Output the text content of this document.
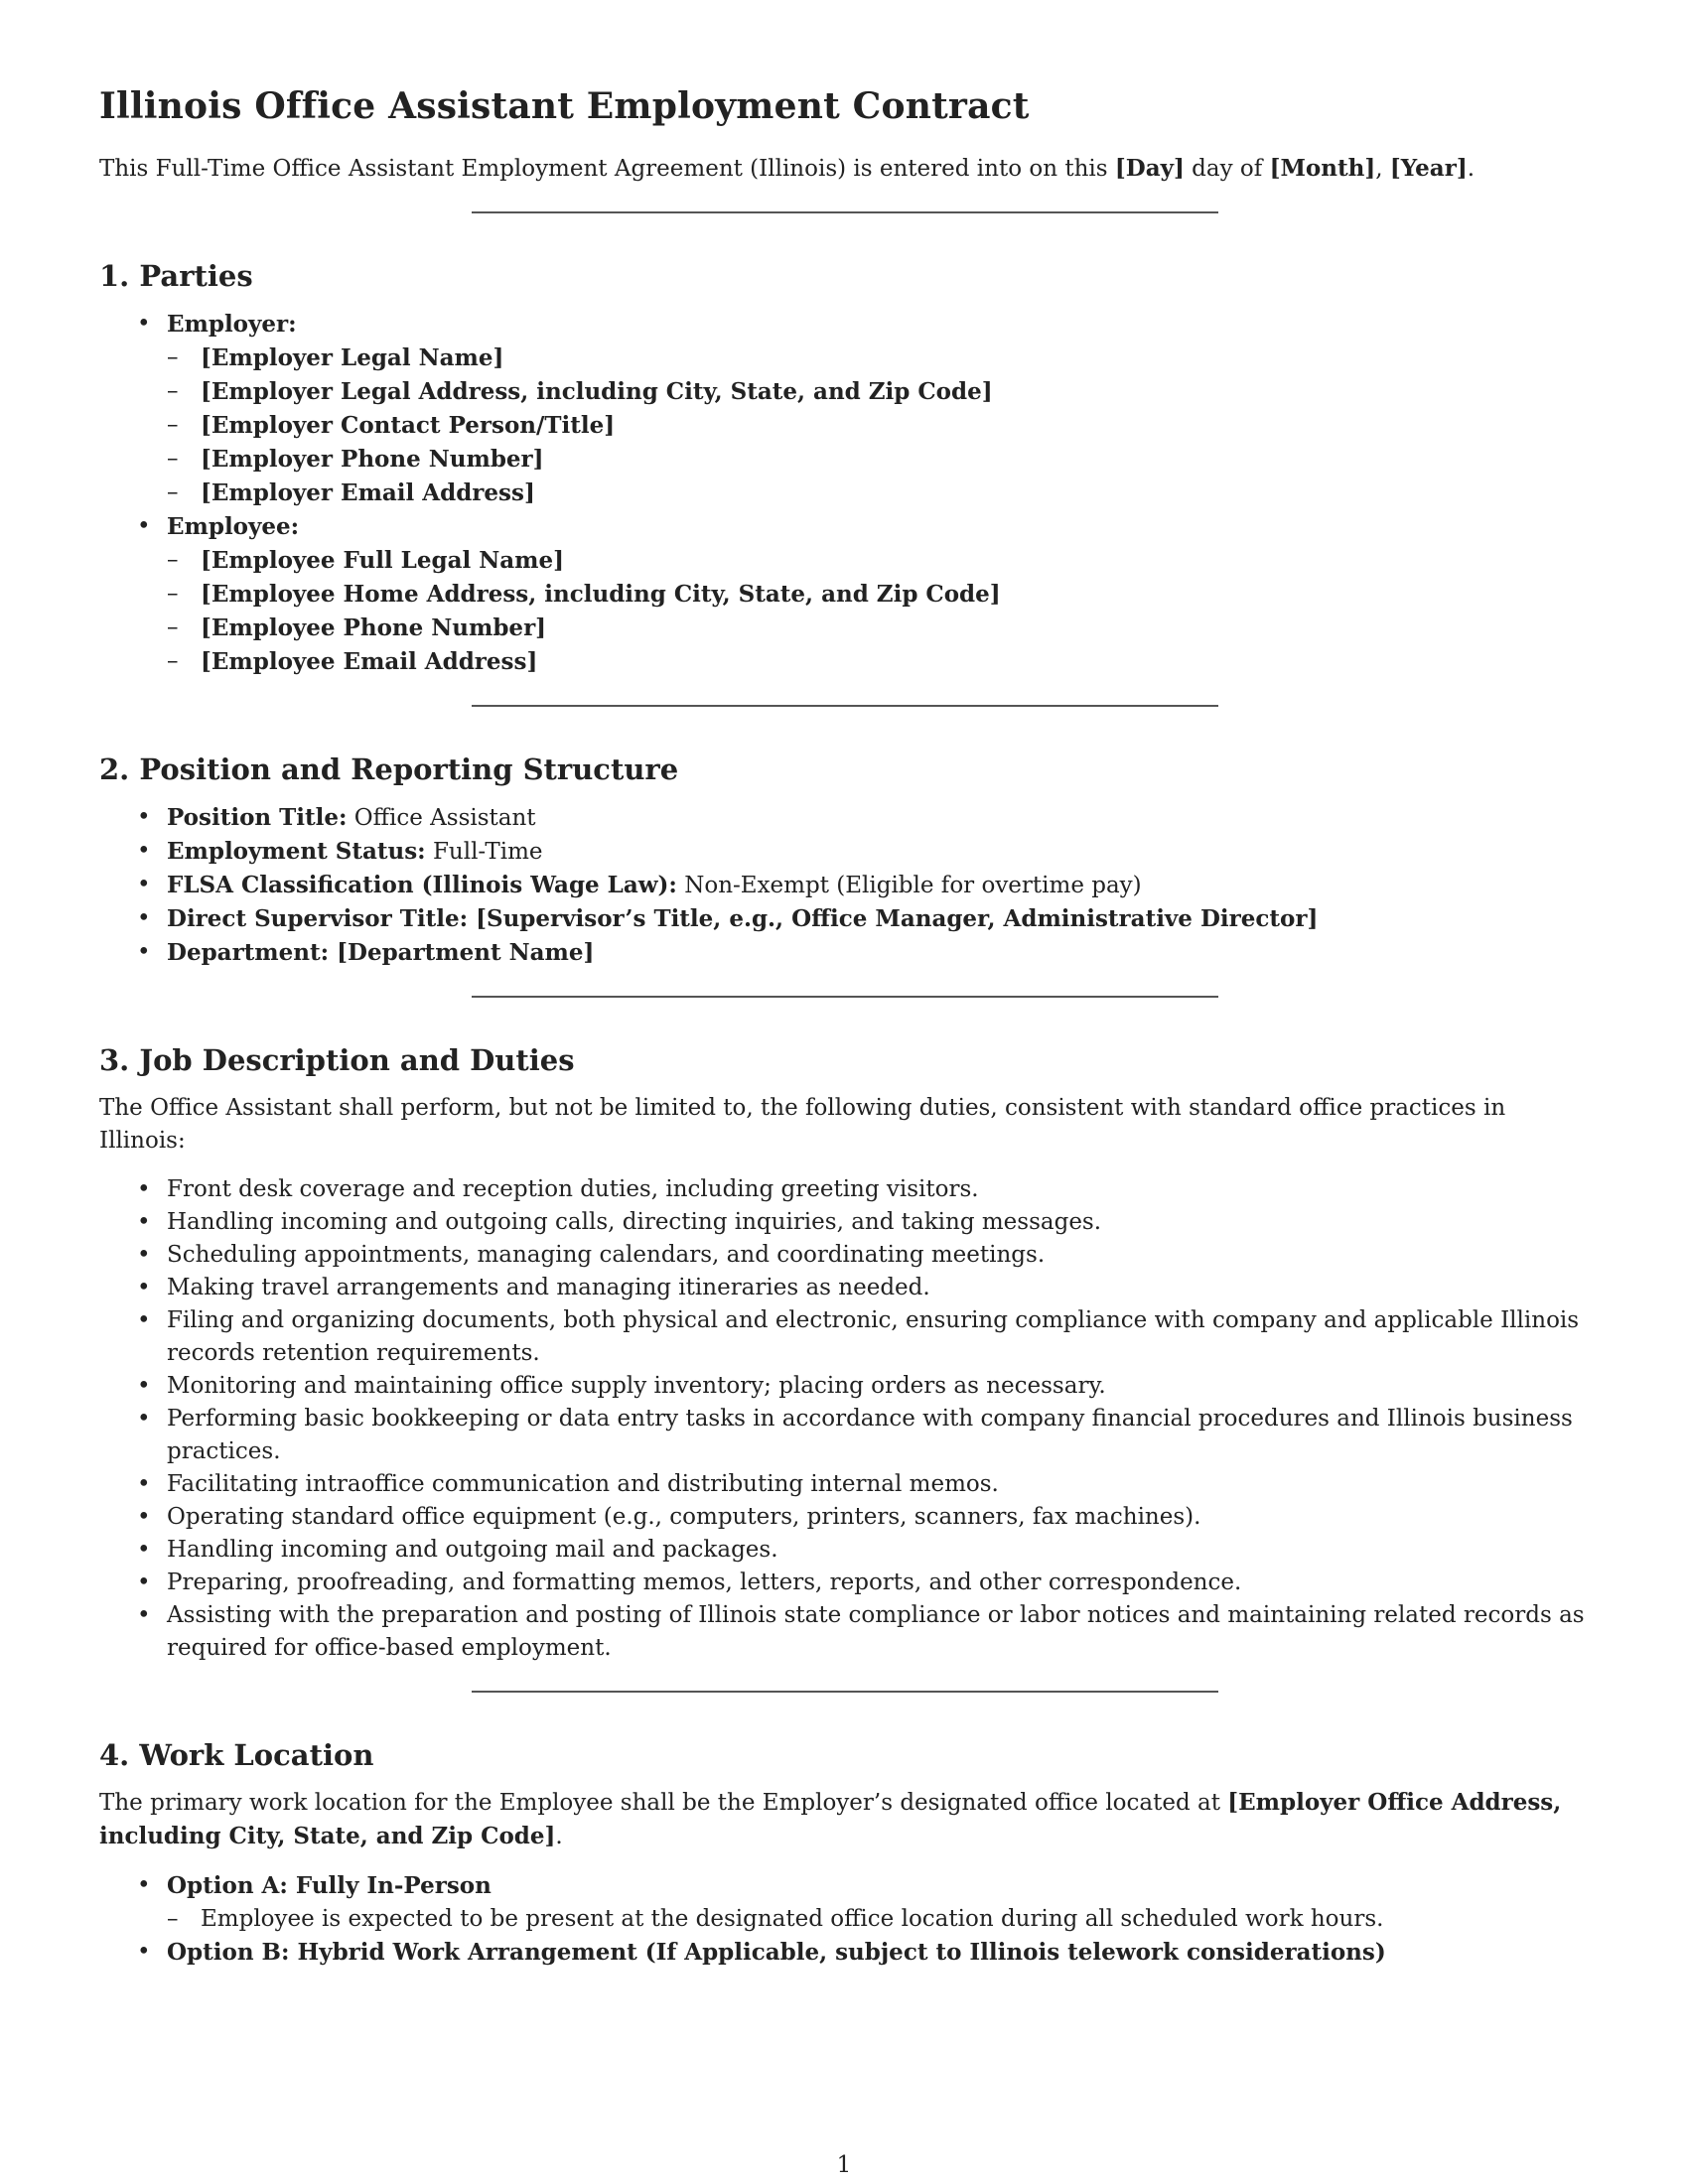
Illinois Office Assistant Employment Contract

This Full-Time Office Assistant Employment Agreement (Illinois) is entered into on this [Day] day of [Month], [Year].

1. Parties
• Employer:
– [Employer Legal Name]
– [Employer Legal Address, including City, State, and Zip Code]
– [Employer Contact Person/Title]
– [Employer Phone Number]
– [Employer Email Address]
• Employee:
– [Employee Full Legal Name]
– [Employee Home Address, including City, State, and Zip Code]
– [Employee Phone Number]
– [Employee Email Address]
2. Position and Reporting Structure
• Position Title: Office Assistant
• Employment Status: Full-Time
• FLSA Classification (Illinois Wage Law): Non-Exempt (Eligible for overtime pay)
• Direct Supervisor Title: [Supervisor’s Title, e.g., Office Manager, Administrative Director]
• Department: [Department Name]
3. Job Description and Duties

The Office Assistant shall perform, but not be limited to, the following duties, consistent with standard office practices in Illinois:

• Front desk coverage and reception duties, including greeting visitors.
• Handling incoming and outgoing calls, directing inquiries, and taking messages.
• Scheduling appointments, managing calendars, and coordinating meetings.
• Making travel arrangements and managing itineraries as needed.
• Filing and organizing documents, both physical and electronic, ensuring compliance with company and applicable Illinois records retention requirements.
• Monitoring and maintaining office supply inventory; placing orders as necessary.
• Performing basic bookkeeping or data entry tasks in accordance with company financial procedures and Illinois business practices.
• Facilitating intraoffice communication and distributing internal memos.
• Operating standard office equipment (e.g., computers, printers, scanners, fax machines).
• Handling incoming and outgoing mail and packages.
• Preparing, proofreading, and formatting memos, letters, reports, and other correspondence.
• Assisting with the preparation and posting of Illinois state compliance or labor notices and maintaining related records as required for office-based employment.
4. Work Location

The primary work location for the Employee shall be the Employer’s designated office located at [Employer Office Address, including City, State, and Zip Code].

• Option A: Fully In-Person
– Employee is expected to be present at the designated office location during all scheduled work hours.
• Option B: Hybrid Work Arrangement (If Applicable, subject to Illinois telework considerations)
1
